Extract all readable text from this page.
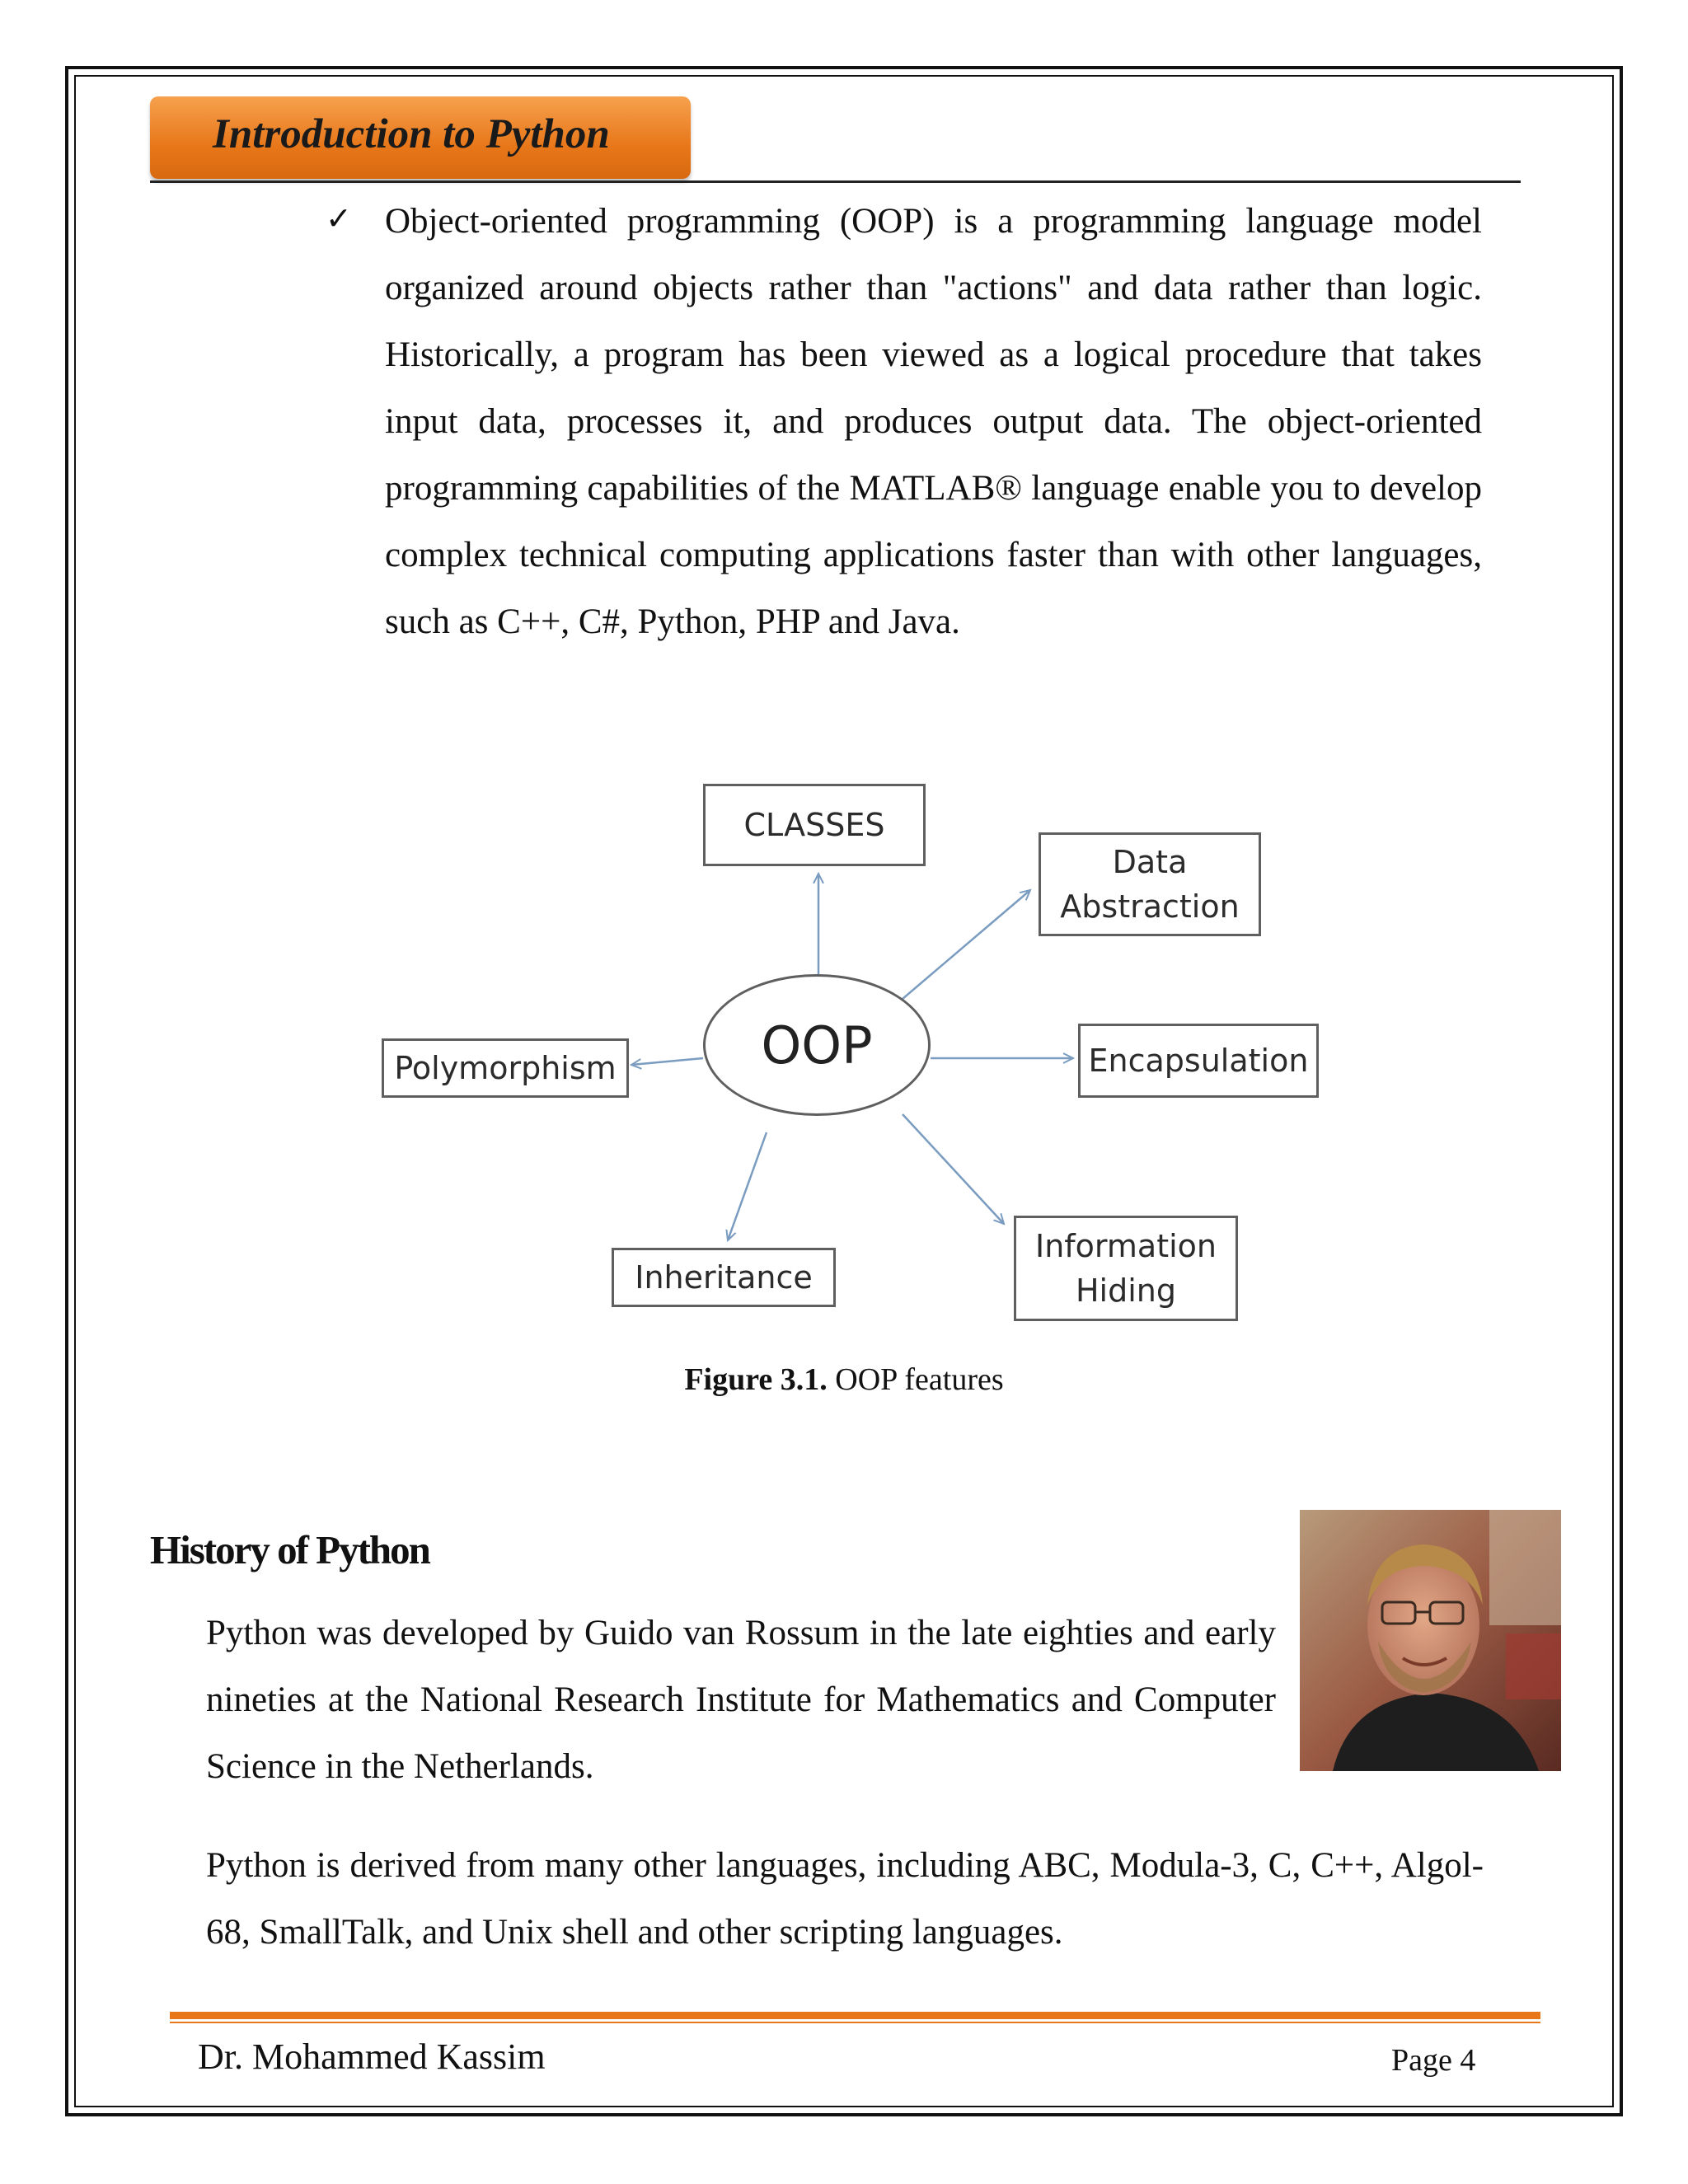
Introduction to Python
✓ Object-oriented programming (OOP) is a programming language model organized around objects rather than "actions" and data rather than logic. Historically, a program has been viewed as a logical procedure that takes input data, processes it, and produces output data. The object-oriented programming capabilities of the MATLAB® language enable you to develop complex technical computing applications faster than with other languages, such as C++, C#, Python, PHP and Java.

OOP
CLASSES
Data
Abstraction
Encapsulation
Information
Hiding
Inheritance
Polymorphism
Figure 3.1. OOP features
History of Python

Python was developed by Guido van Rossum in the late eighties and early nineties at the National Research Institute for Mathematics and Computer Science in the Netherlands.

Python is derived from many other languages, including ABC, Modula-3, C, C++, Algol-68, SmallTalk, and Unix shell and other scripting languages.

Dr. Mohammed Kassim	Page 4
